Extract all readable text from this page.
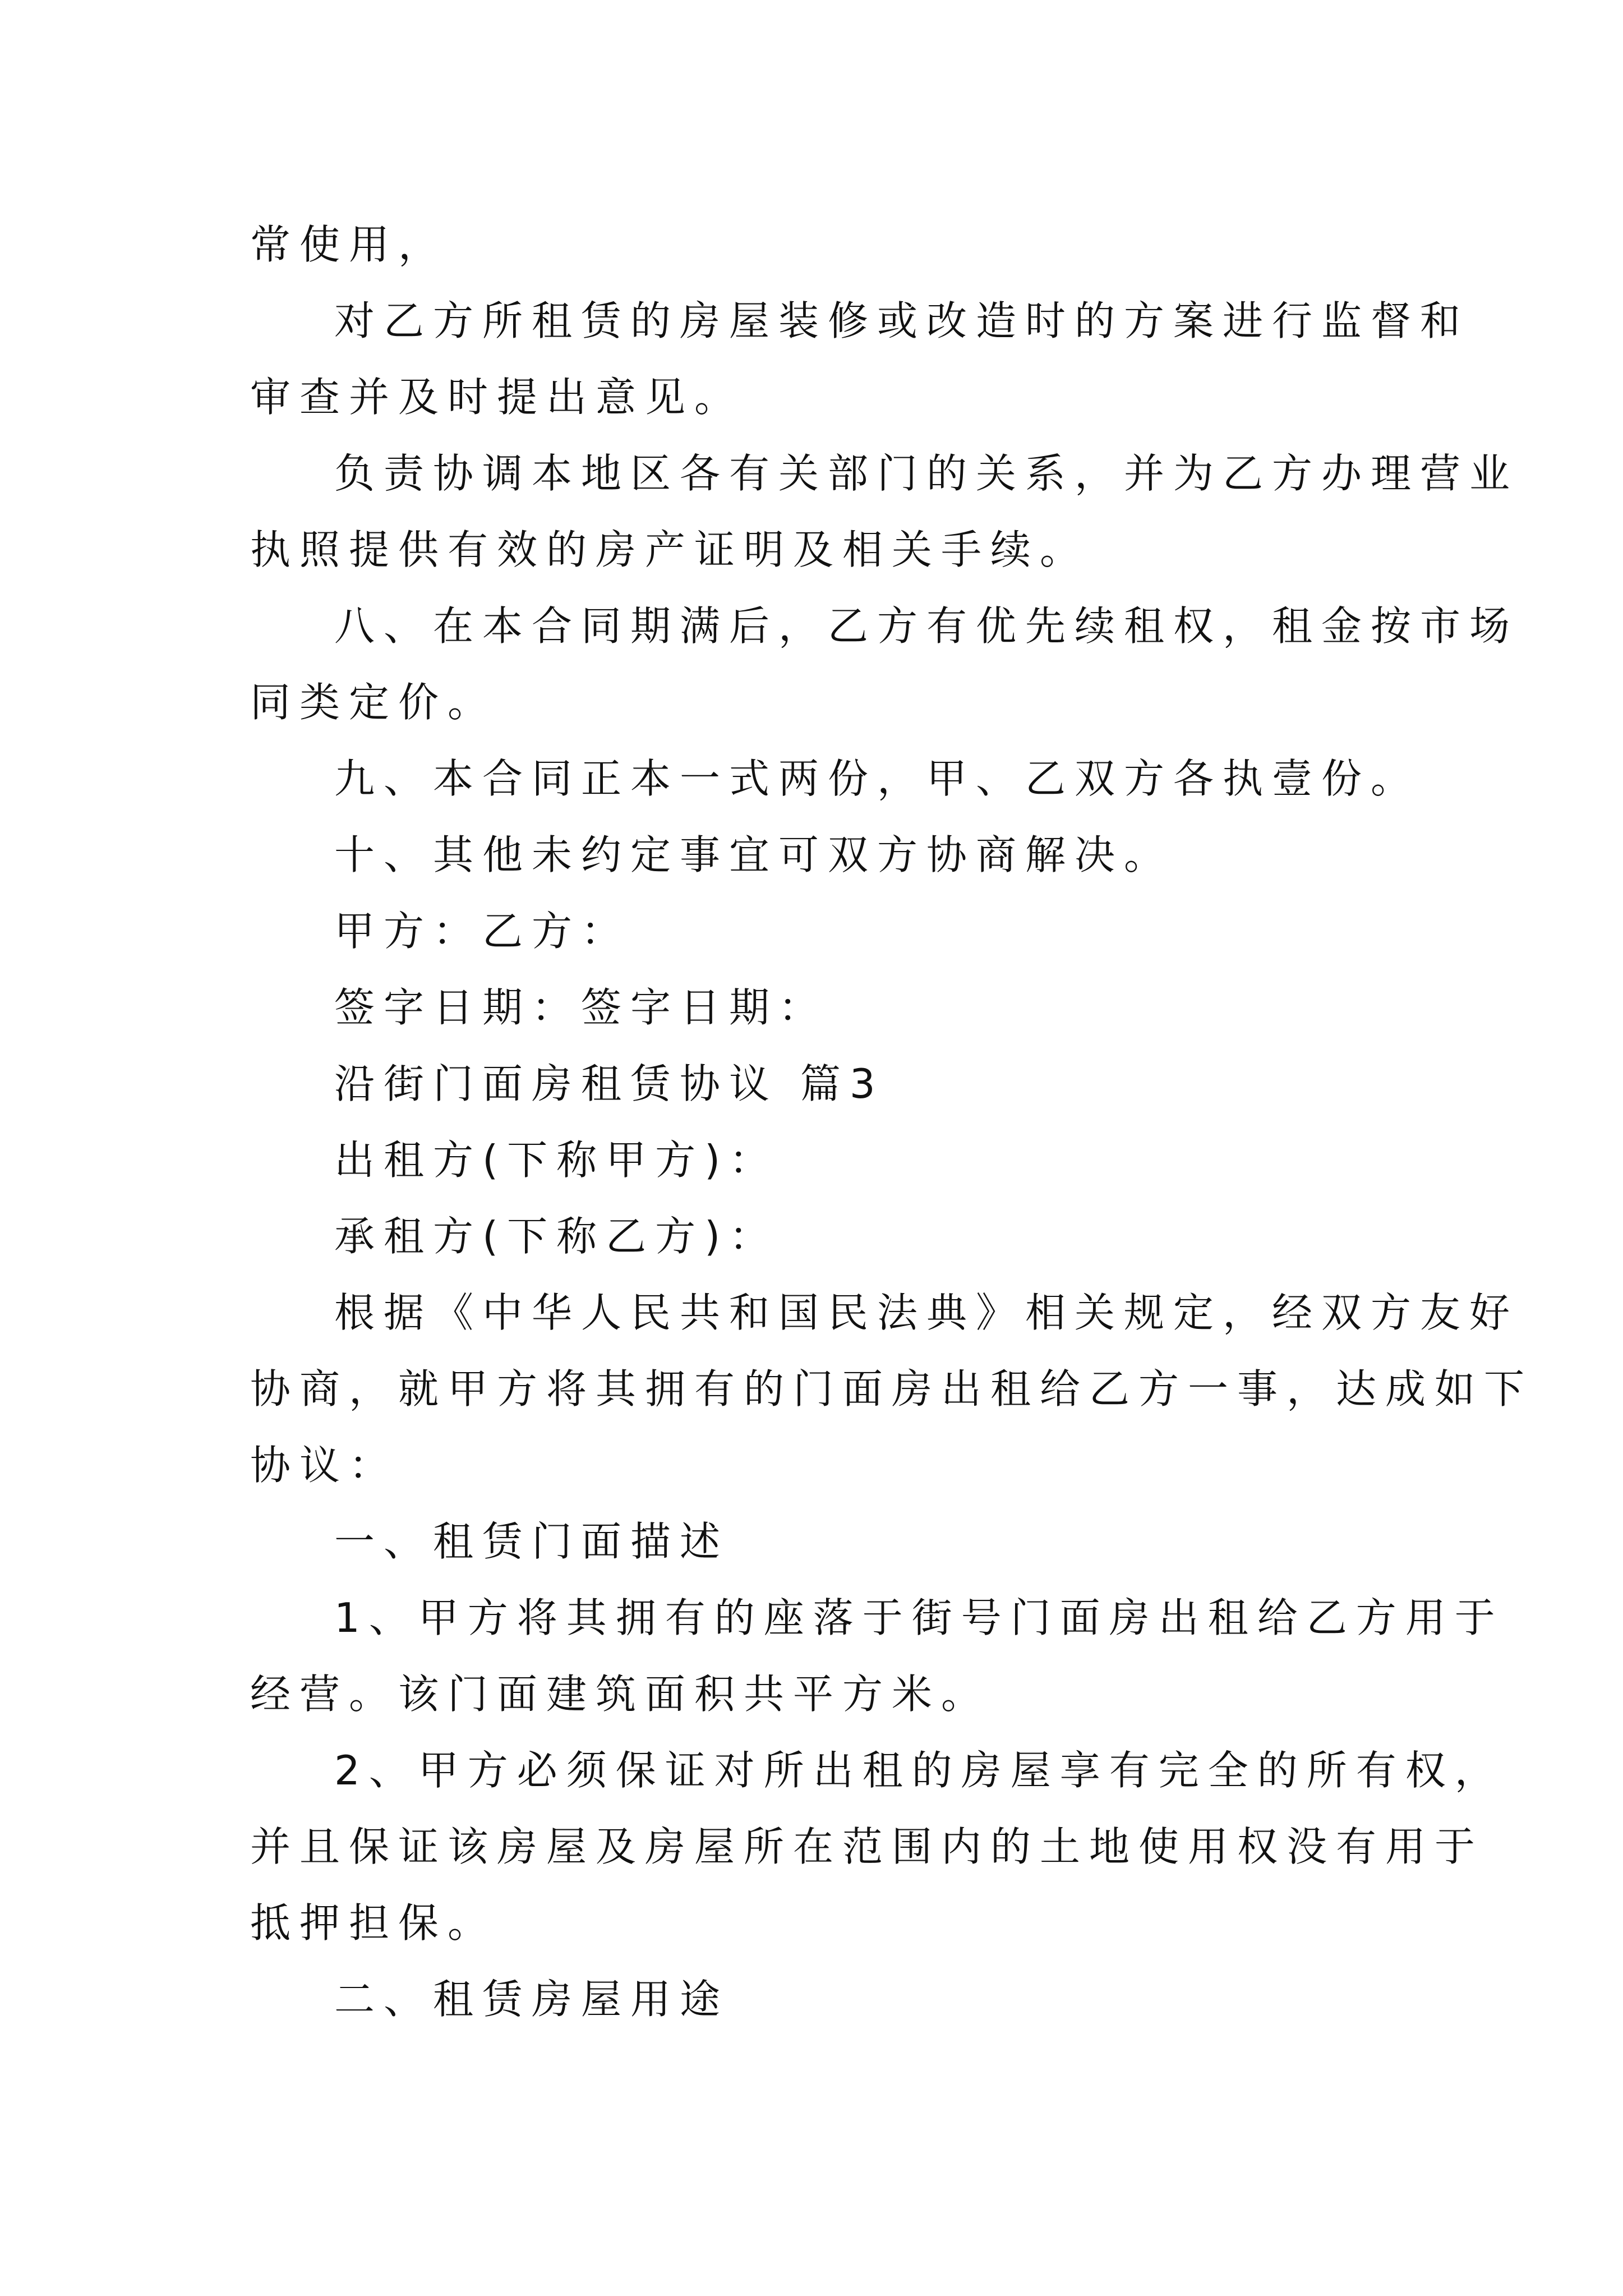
常使用，
对乙方所租赁的房屋装修或改造时的方案进行监督和
审查并及时提出意见。
负责协调本地区各有关部门的关系，并为乙方办理营业
执照提供有效的房产证明及相关手续。
八、在本合同期满后，乙方有优先续租权，租金按市场
同类定价。
九、本合同正本一式两份，甲、乙双方各执壹份。
十、其他未约定事宜可双方协商解决。
甲方：乙方：
签字日期：签字日期：
沿街门面房租赁协议 篇3
出租方(下称甲方)：
承租方(下称乙方)：
根据《中华人民共和国民法典》相关规定，经双方友好
协商，就甲方将其拥有的门面房出租给乙方一事，达成如下
协议：
一、租赁门面描述
1、甲方将其拥有的座落于街号门面房出租给乙方用于
经营。该门面建筑面积共平方米。
2、甲方必须保证对所出租的房屋享有完全的所有权，
并且保证该房屋及房屋所在范围内的土地使用权没有用于
抵押担保。
二、租赁房屋用途
